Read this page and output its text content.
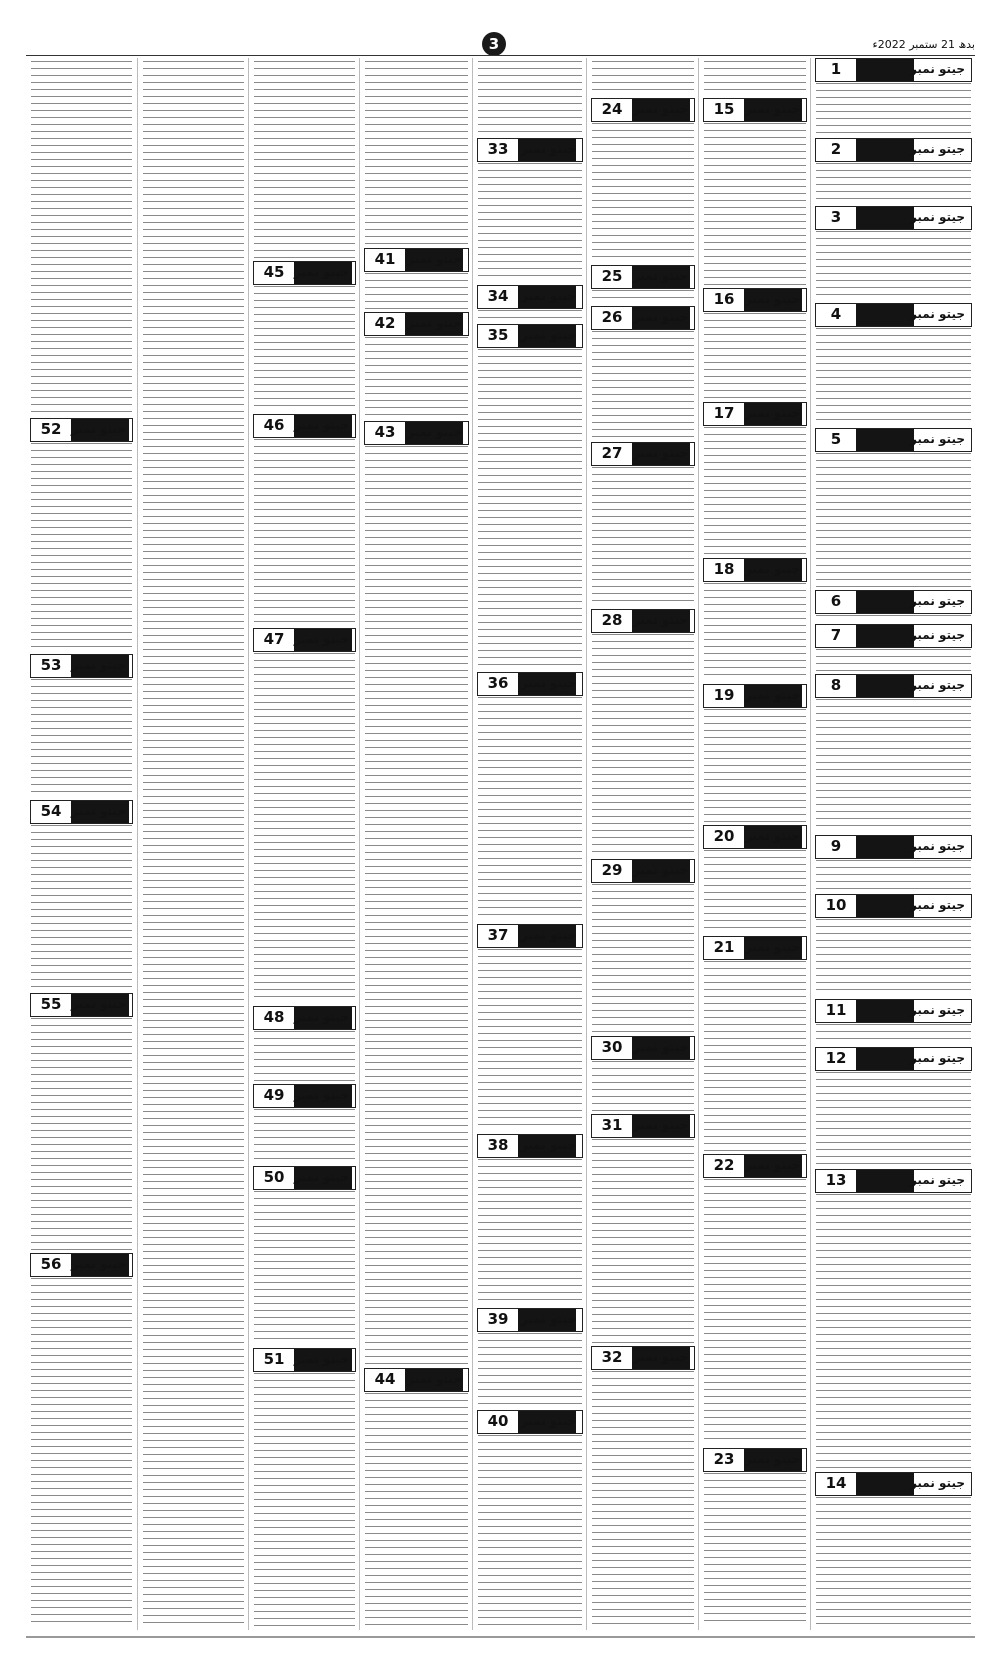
3	بدھ 21 ستمبر 2022ء
52 جیتو نمبر
53 جیتو نمبر
54 جیتو نمبر
55 جیتو نمبر
56 جیتو نمبر
45 جیتو نمبر
46 جیتو نمبر
47 جیتو نمبر
48 جیتو نمبر
49 جیتو نمبر
50 جیتو نمبر
51 جیتو نمبر
41 جیتو نمبر
42 جیتو نمبر
43 جیتو نمبر
44 جیتو نمبر
33	جیتو نمبر
34	جیتو نمبر
35	جیتو نمبر
36	جیتو نمبر
37	جیتو نمبر
38	جیتو نمبر
39	جیتو نمبر
40	جیتو نمبر
24 جیتو نمبر
25 جیتو نمبر
26 جیتو نمبر
27 جیتو نمبر
28 جیتو نمبر
29 جیتو نمبر
30 جیتو نمبر
31 جیتو نمبر
32 جیتو نمبر
15 جیتو نمبر
16 جیتو نمبر
17 جیتو نمبر
18 جیتو نمبر
19 جیتو نمبر
20 جیتو نمبر
21 جیتو نمبر
22 جیتو نمبر
23 جیتو نمبر
1	جیتو نمبر
2	جیتو نمبر
3	جیتو نمبر
4	جیتو نمبر
5	جیتو نمبر
6	جیتو نمبر
7	جیتو نمبر
8	جیتو نمبر
9	جیتو نمبر
10	جیتو نمبر
11	جیتو نمبر
12	جیتو نمبر
13	جیتو نمبر
14	جیتو نمبر
